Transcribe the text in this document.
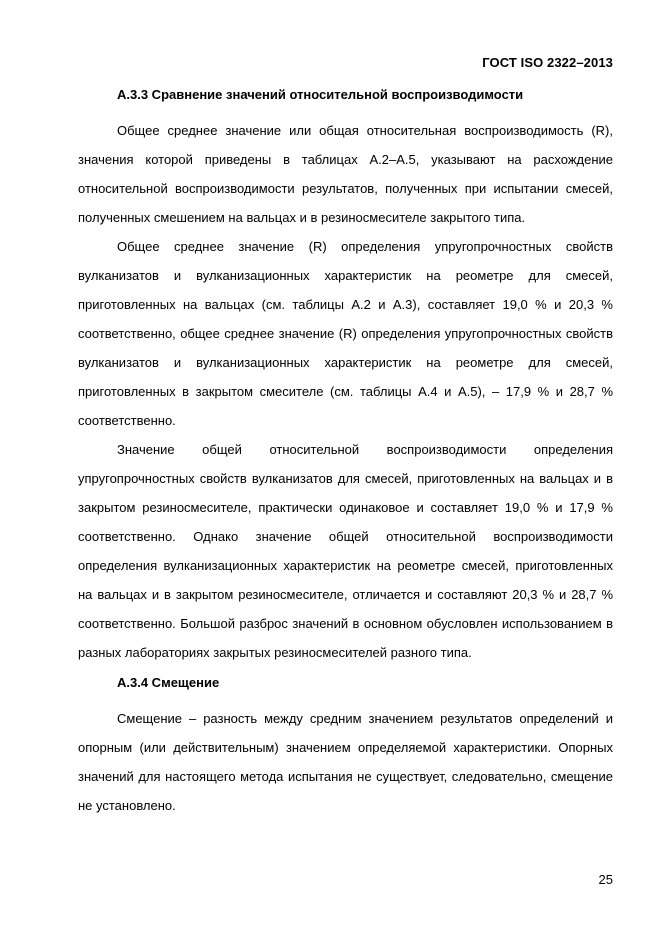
ГОСТ ISO 2322–2013

А.3.3 Сравнение значений относительной воспроизводимости

Общее среднее значение или общая относительная воспроизводимость (R), значения которой приведены в таблицах А.2–А.5, указывают на расхождение относительной воспроизводимости результатов, полученных при испытании смесей, полученных смешением на вальцах и в резиносмесителе закрытого типа.

Общее среднее значение (R) определения упругопрочностных свойств вулканизатов и вулканизационных характеристик на реометре для смесей, приготовленных на вальцах (см. таблицы А.2 и А.3), составляет 19,0 % и 20,3 % соответственно, общее среднее значение (R) определения упругопрочностных свойств вулканизатов и вулканизационных характеристик на реометре для смесей, приготовленных в закрытом смесителе (см. таблицы А.4 и А.5), – 17,9 % и 28,7 % соответственно.

Значение общей относительной воспроизводимости определения упругопрочностных свойств вулканизатов для смесей, приготовленных на вальцах и в закрытом резиносмесителе, практически одинаковое и составляет 19,0 % и 17,9 % соответственно. Однако значение общей относительной воспроизводимости определения вулканизационных характеристик на реометре смесей, приготовленных на вальцах и в закрытом резиносмесителе, отличается и составляют 20,3 % и 28,7 % соответственно. Большой разброс значений в основном обусловлен использованием в разных лабораториях закрытых резиносмесителей разного типа.

А.3.4 Смещение

Смещение – разность между средним значением результатов определений и опорным (или действительным) значением определяемой характеристики. Опорных значений для настоящего метода испытания не существует, следовательно, смещение не установлено.

25
